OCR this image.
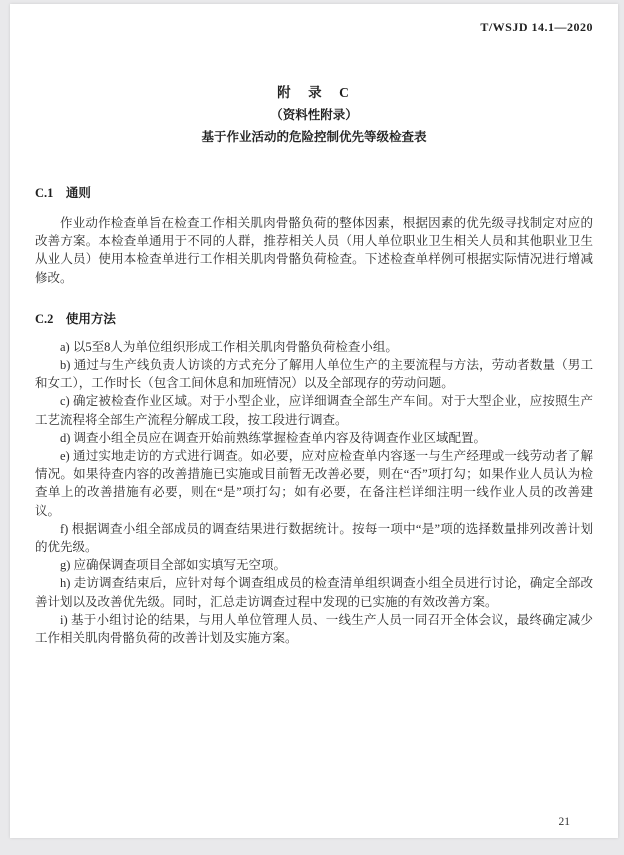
T/WSJD 14.1—2020

附　录　C

（资料性附录）

基于作业活动的危险控制优先等级检查表

C.1　通则

作业动作检查单旨在检查工作相关肌肉骨骼负荷的整体因素，根据因素的优先级寻找制定对应的改善方案。本检查单通用于不同的人群，推荐相关人员（用人单位职业卫生相关人员和其他职业卫生从业人员）使用本检查单进行工作相关肌肉骨骼负荷检查。下述检查单样例可根据实际情况进行增减修改。

C.2　使用方法

a) 以5至8人为单位组织形成工作相关肌肉骨骼负荷检查小组。

b) 通过与生产线负责人访谈的方式充分了解用人单位生产的主要流程与方法，劳动者数量（男工和女工），工作时长（包含工间休息和加班情况）以及全部现存的劳动问题。

c) 确定被检查作业区域。对于小型企业，应详细调查全部生产车间。对于大型企业，应按照生产工艺流程将全部生产流程分解成工段，按工段进行调查。

d) 调查小组全员应在调查开始前熟练掌握检查单内容及待调查作业区域配置。

e) 通过实地走访的方式进行调查。如必要，应对应检查单内容逐一与生产经理或一线劳动者了解情况。如果待查内容的改善措施已实施或目前暂无改善必要，则在“否”项打勾；如果作业人员认为检查单上的改善措施有必要，则在“是”项打勾；如有必要，在备注栏详细注明一线作业人员的改善建议。

f) 根据调查小组全部成员的调查结果进行数据统计。按每一项中“是”项的选择数量排列改善计划的优先级。

g) 应确保调查项目全部如实填写无空项。

h) 走访调查结束后，应针对每个调查组成员的检查清单组织调查小组全员进行讨论，确定全部改善计划以及改善优先级。同时，汇总走访调查过程中发现的已实施的有效改善方案。

i) 基于小组讨论的结果，与用人单位管理人员、一线生产人员一同召开全体会议，最终确定减少工作相关肌肉骨骼负荷的改善计划及实施方案。

21
